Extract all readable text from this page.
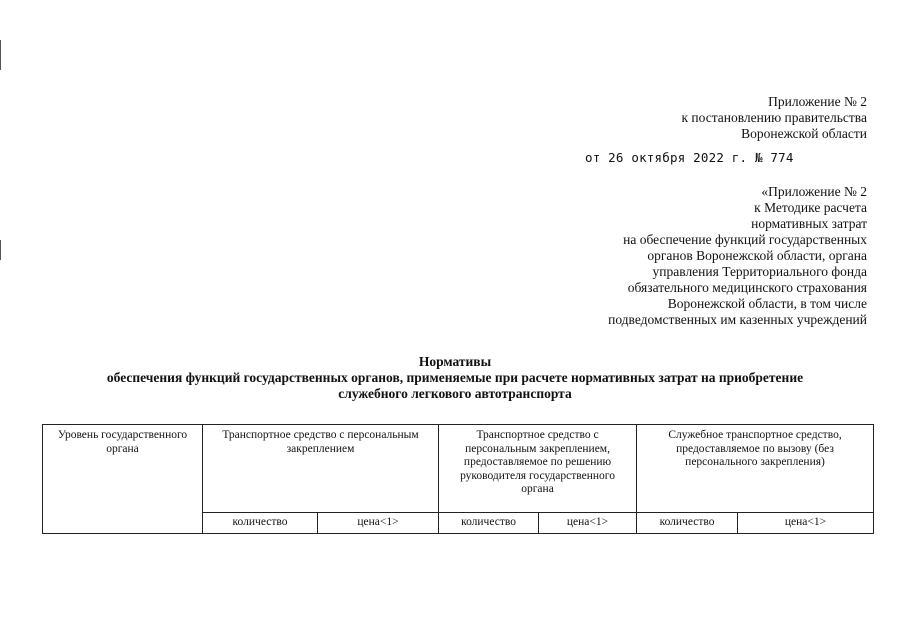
Приложение № 2
к постановлению правительства
Воронежской области
от 26 октября 2022 г. № 774
«Приложение № 2
к Методике расчета
нормативных затрат
на обеспечение функций государственных
органов Воронежской области, органа
управления Территориального фонда
обязательного медицинского страхования
Воронежской области, в том числе
подведомственных им казенных учреждений
Нормативы
обеспечения функций государственных органов, применяемые при расчете нормативных затрат на приобретение
служебного легкового автотранспорта
Уровень государственного органа	Транспортное средство с персональным закреплением		Транспортное средство с персональным закреплением, предоставляемое по решению руководителя государственного органа		Служебное транспортное средство, предоставляемое по вызову (без персонального закрепления)	
	количество	цена<1>	количество	цена<1>	количество	цена<1>
